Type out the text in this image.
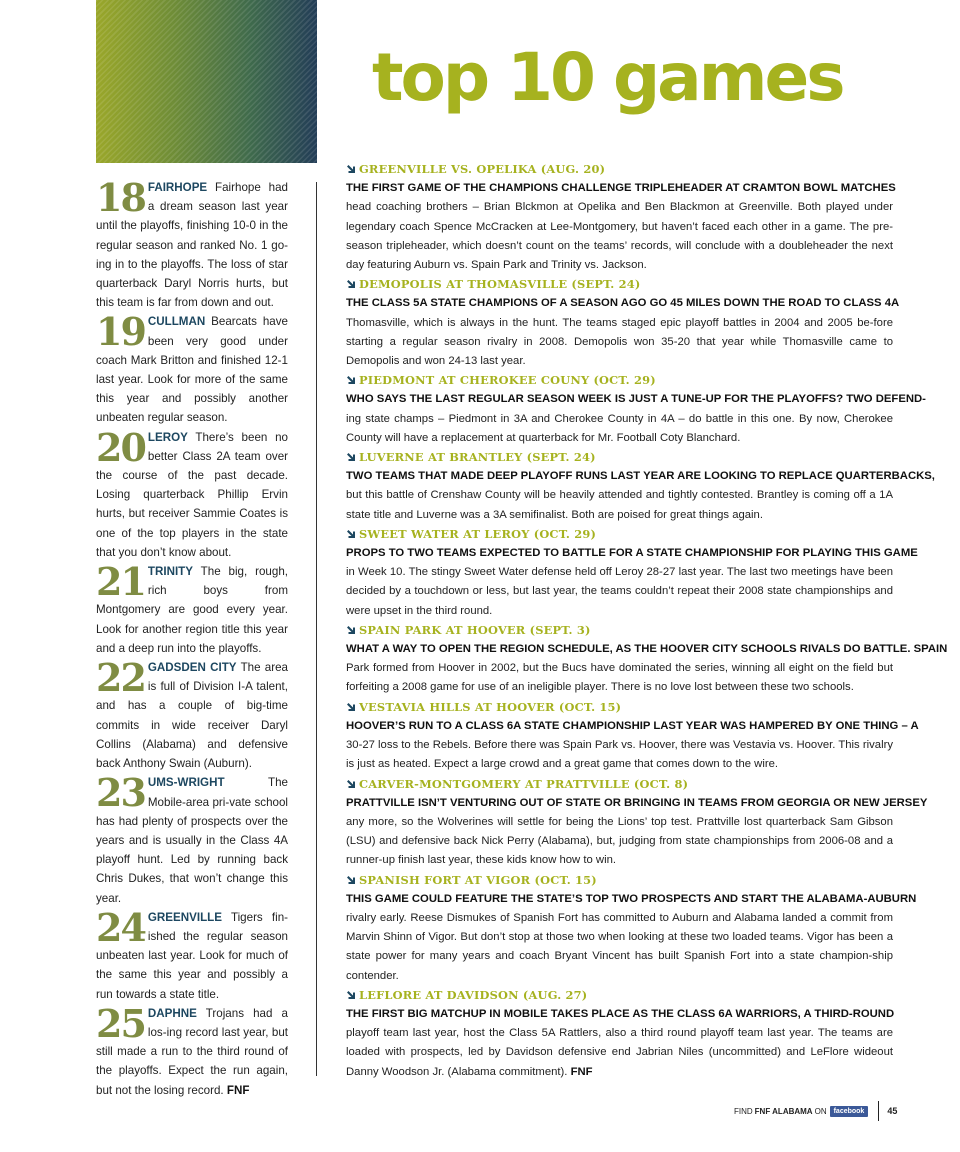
top 10 games
18 FAIRHOPE Fairhope had a dream season last year until the playoffs, finishing 10-0 in the regular season and ranked No. 1 go-ing in to the playoffs. The loss of star quarterback Daryl Norris hurts, but this team is far from down and out.
19 CULLMAN Bearcats have been very good under coach Mark Britton and finished 12-1 last year. Look for more of the same this year and possibly another unbeaten regular season.
20 LEROY There’s been no better Class 2A team over the course of the past decade. Losing quarterback Phillip Ervin hurts, but receiver Sammie Coates is one of the top players in the state that you don’t know about.
21 TRINITY The big, rough, rich boys from Montgomery are good every year. Look for another region title this year and a deep run into the playoffs.
22 GADSDEN CITY The area is full of Division I-A talent, and has a couple of big-time commits in wide receiver Daryl Collins (Alabama) and defensive back Anthony Swain (Auburn).
23 UMS-WRIGHT	The Mobile-area pri-vate school has had plenty of prospects over the years and is usually in the Class 4A playoff hunt. Led by running back Chris Dukes, that won’t change this year.
24 GREENVILLE Tigers fin-ished the regular season unbeaten last year. Look for much of the same this year and possibly a run towards a state title.
25 DAPHNE Trojans had a los-ing record last year, but still made a run to the third round of the playoffs. Expect the run again, but not the losing record. FNF
GREENVILLE VS. OPELIKA (AUG. 20)
THE FIRST GAME OF THE CHAMPIONS CHALLENGE TRIPLEHEADER AT CRAMTON BOWL MATCHES
head coaching brothers – Brian Blckmon at Opelika and Ben Blackmon at Greenville. Both played under legendary coach Spence McCracken at Lee-Montgomery, but haven’t faced each other in a game. The pre-season tripleheader, which doesn’t count on the teams’ records, will conclude with a doubleheader the next day featuring Auburn vs. Spain Park and Trinity vs. Jackson.
DEMOPOLIS AT THOMASVILLE (SEPT. 24)
THE CLASS 5A STATE CHAMPIONS OF A SEASON AGO GO 45 MILES DOWN THE ROAD TO CLASS 4A
Thomasville, which is always in the hunt. The teams staged epic playoff battles in 2004 and 2005 be-fore starting a regular season rivalry in 2008. Demopolis won 35-20 that year while Thomasville came to Demopolis and won 24-13 last year.
PIEDMONT AT CHEROKEE COUNY (OCT. 29)
WHO SAYS THE LAST REGULAR SEASON WEEK IS JUST A TUNE-UP FOR THE PLAYOFFS? TWO DEFEND-
ing state champs – Piedmont in 3A and Cherokee County in 4A – do battle in this one. By now, Cherokee County will have a replacement at quarterback for Mr. Football Coty Blanchard.
LUVERNE AT BRANTLEY (SEPT. 24)
TWO TEAMS THAT MADE DEEP PLAYOFF RUNS LAST YEAR ARE LOOKING TO REPLACE QUARTERBACKS,
but this battle of Crenshaw County will be heavily attended and tightly contested. Brantley is coming off a 1A state title and Luverne was a 3A semifinalist. Both are poised for great things again.
SWEET WATER AT LEROY (OCT. 29)
PROPS TO TWO TEAMS EXPECTED TO BATTLE FOR A STATE CHAMPIONSHIP FOR PLAYING THIS GAME
in Week 10. The stingy Sweet Water defense held off Leroy 28-27 last year. The last two meetings have been decided by a touchdown or less, but last year, the teams couldn’t repeat their 2008 state championships and were upset in the third round.
SPAIN PARK AT HOOVER (SEPT. 3)
WHAT A WAY TO OPEN THE REGION SCHEDULE, AS THE HOOVER CITY SCHOOLS RIVALS DO BATTLE. SPAIN
Park formed from Hoover in 2002, but the Bucs have dominated the series, winning all eight on the field but forfeiting a 2008 game for use of an ineligible player. There is no love lost between these two schools.
VESTAVIA HILLS AT HOOVER (OCT. 15)
HOOVER’S RUN TO A CLASS 6A STATE CHAMPIONSHIP LAST YEAR WAS HAMPERED BY ONE THING – A
30-27 loss to the Rebels. Before there was Spain Park vs. Hoover, there was Vestavia vs. Hoover. This rivalry is just as heated. Expect a large crowd and a great game that comes down to the wire.
CARVER-MONTGOMERY AT PRATTVILLE (OCT. 8)
PRATTVILLE ISN’T VENTURING OUT OF STATE OR BRINGING IN TEAMS FROM GEORGIA OR NEW JERSEY
any more, so the Wolverines will settle for being the Lions’ top test. Prattville lost quarterback Sam Gibson (LSU) and defensive back Nick Perry (Alabama), but, judging from state championships from 2006-08 and a runner-up finish last year, these kids know how to win.
SPANISH FORT AT VIGOR (OCT. 15)
THIS GAME COULD FEATURE THE STATE’S TOP TWO PROSPECTS AND START THE ALABAMA-AUBURN
rivalry early. Reese Dismukes of Spanish Fort has committed to Auburn and Alabama landed a commit from Marvin Shinn of Vigor. But don’t stop at those two when looking at these two loaded teams. Vigor has been a state power for many years and coach Bryant Vincent has built Spanish Fort into a state champion-ship contender.
LEFLORE AT DAVIDSON (AUG. 27)
THE FIRST BIG MATCHUP IN MOBILE TAKES PLACE AS THE CLASS 6A WARRIORS, A THIRD-ROUND
playoff team last year, host the Class 5A Rattlers, also a third round playoff team last year. The teams are loaded with prospects, led by Davidson defensive end Jabrian Niles (uncommitted) and LeFlore wideout Danny Woodson Jr. (Alabama commitment). FNF
FIND FNF ALABAMA ON	facebook	45
